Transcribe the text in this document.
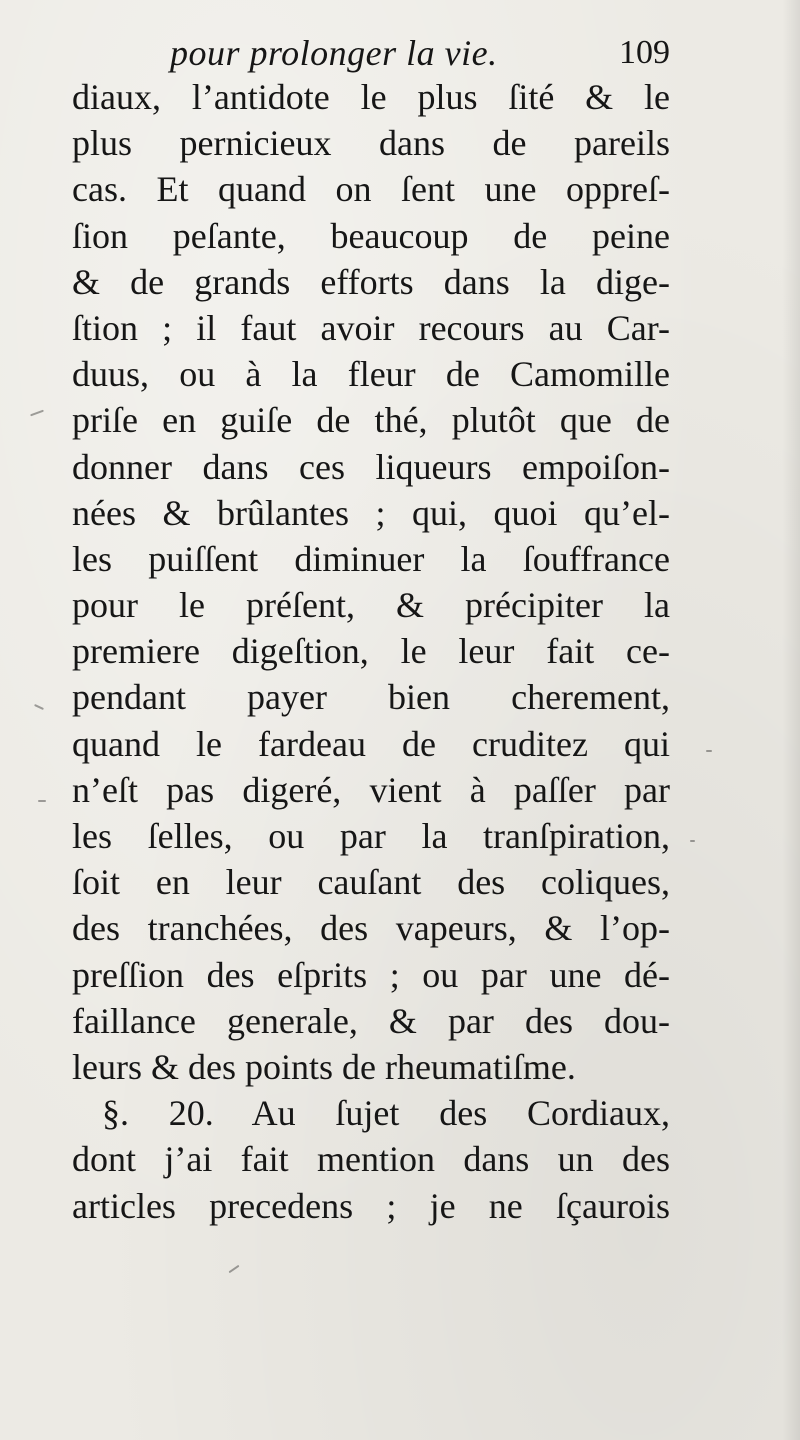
pour prolonger la vie.	109
diaux, l’antidote le plus ſité & le
plus pernicieux dans de pareils
cas. Et quand on ſent une oppreſ-
ſion peſante, beaucoup de peine
& de grands efforts dans la dige-
ſtion ; il faut avoir recours au Car-
duus, ou à la fleur de Camomille
priſe en guiſe de thé, plutôt que de
donner dans ces liqueurs empoiſon-
nées & brûlantes ; qui, quoi qu’el-
les puiſſent diminuer la ſouffrance
pour le préſent, & précipiter la
premiere digeſtion, le leur fait ce-
pendant payer bien cherement,
quand le fardeau de cruditez qui
n’eſt pas digeré, vient à paſſer par
les ſelles, ou par la tranſpiration,
ſoit en leur cauſant des coliques,
des tranchées, des vapeurs, & l’op-
preſſion des eſprits ; ou par une dé-
faillance generale, & par des dou-
leurs & des points de rheumatiſme.
§. 20. Au ſujet des Cordiaux,
dont j’ai fait mention dans un des
articles precedens ; je ne ſçaurois
